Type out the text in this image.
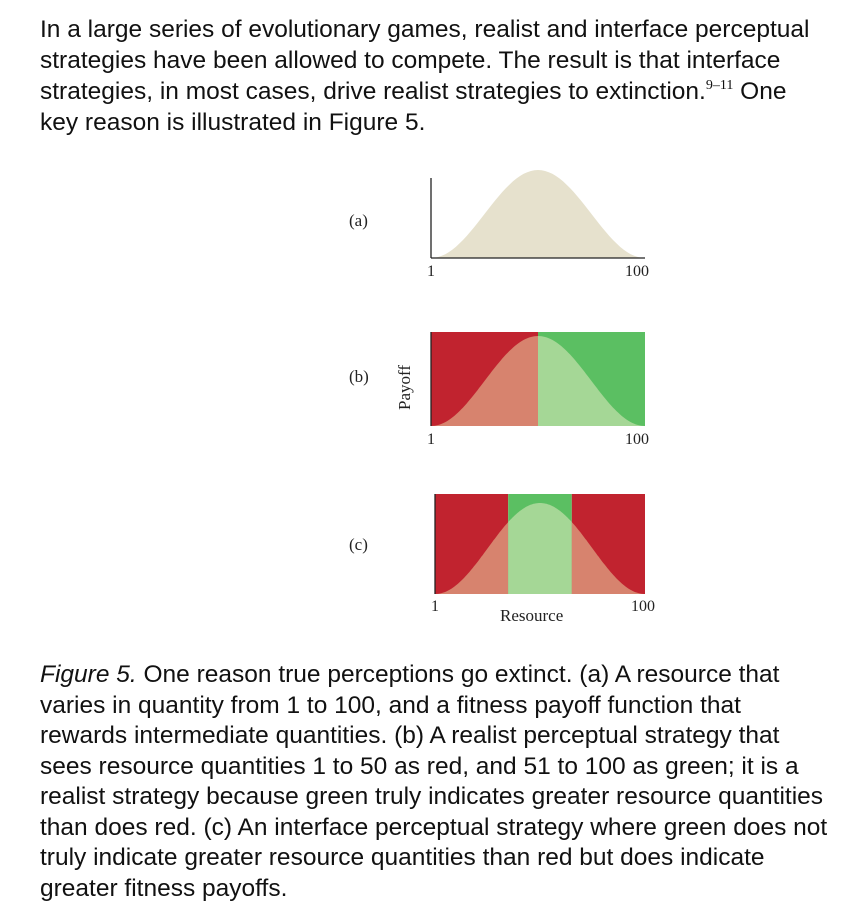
In a large series of evolutionary games, realist and interface perceptual strategies have been allowed to compete. The result is that interface strategies, in most cases, drive realist strategies to extinction.$^{9-11}$ One key reason is illustrated in Figure 5.
(a)
1	100
(b) Payoff
1	100
(c)
1	100
Resource
Figure 5. One reason true perceptions go extinct. (a) A resource that varies in quantity from 1 to 100, and a fitness payoff function that rewards intermediate quantities. (b) A realist perceptual strategy that sees resource quantities 1 to 50 as red, and 51 to 100 as green; it is a realist strategy because green truly indicates greater resource quantities than does red. (c) An interface perceptual strategy where green does not truly indicate greater resource quantities than red but does indicate greater fitness payoffs.
